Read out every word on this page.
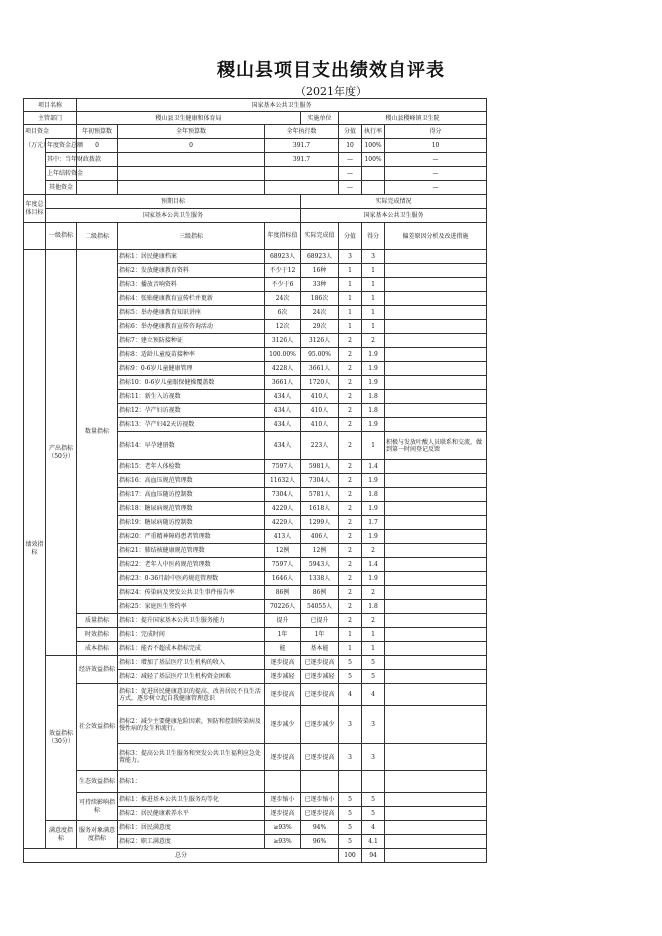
稷山县项目支出绩效自评表
（2021年度）
项目名称		国家基本公共卫生服务						
主管部门		稷山县卫生健康和体育局			实施单位	稷山县稷峰镇卫生院		
项目资金		年初预算数	全年预算数	全年执行数		分值	执行率	得分
（万元）	年度资金总额	0	0	391.7		10	100%	10
	其中：当年财政拨款			391.7		—	100%	—
	上年结转资金					—		—
	其他资金					—		—
年度总体目标	预期目标				实际完成情况			
	国家基本公共卫生服务				国家基本公共卫生服务			
	一级指标	二级指标	三级指标	年度指标值	实际完成值	分值	得分	偏差原因分析及改进措施
绩效指标	产出指标（50分）	数量指标	指标1：居民健康档案	68923人	68923人	3	3	
			指标2：发放健康教育资料	不少于12	16种	1	1	
			指标3：播放音响资料	不少于6	33种	1	1	
			指标4：张贴健康教育宣传栏并更新	24次	186次	1	1	
			指标5：举办健康教育知识讲座	6次	24次	1	1	
			指标6：举办健康教育宣传咨询活动	12次	29次	1	1	
			指标7：建立预防接种证	3126人	3126人	2	2	
			指标8：适龄儿童疫苗接种率	100.00%	95.00%	2	1.9	
			指标9：0-6岁儿童健康管理	4228人	3661人	2	1.9	
			指标10：0-6岁儿童眼保健操覆盖数	3661人	1720人	2	1.9	
			指标11：新生入访视数	434人	410人	2	1.8	
			指标12：孕产妇访视数	434人	410人	2	1.8	
			指标13：孕产妇42天访视数	434人	410人	2	1.9	
			指标14：早孕建册数	434人	223人	2	1	积极与发放叶酸人员联系和交流，做到第一时间登记反馈
			指标15：老年人体检数	7597人	5981人	2	1.4	
			指标16：高血压规范管理数	11632人	7304人	2	1.9	
			指标17：高血压随访控制数	7304人	5781人	2	1.8	
			指标18：糖尿病规范管理数	4229人	1618人	2	1.9	
			指标19：糖尿病随访控制数	4229人	1299人	2	1.7	
			指标20：严重精神障碍患者管理数	413人	406人	2	1.9	
			指标21：肺结核健康规范管理数	12例	12例	2	2	
			指标22：老年人中医药规范管理数	7597人	5943人	2	1.4	
			指标23：0-36月龄中医药规范管理数	1646人	1338人	2	1.9	
			指标24：传染病及突发公共卫生事件报告率	86例	86例	2	2	
			指标25：家庭医生签约率	70226人	54055人	2	1.8	
		质量指标	指标1：提升国家基本公共卫生服务能力	提升	已提升	2	2	
		时效指标	指标1：完成时间	1年	1年	1	1	
		成本指标	指标1：能否不超成本指标完成	能	基本能	1	1	
	效益指标（30分）	经济效益指标	指标1：增加了基层医疗卫生机构的收入	逐步提高	已逐步提高	5	5	
			指标2：减轻了基层医疗卫生机构资金困难	逐步减轻	已逐步减轻	5	5	
		社会效益指标	指标1：促进居民健康意识的提高、改善居民不良生活方式，逐步树立起自我健康管理意识	逐步提高	已逐步提高	4	4	
			指标2：减少主要健康危险因素，预防和控制传染病及慢性病的发生和流行。	逐步减少	已逐步减少	3	3	
			指标3：提高公共卫生服务和突发公共卫生福利应急处置能力。	逐步提高	已逐步提高	3	3	
		生态效益指标	指标1：					
		可持续影响指标	指标1：推进基本公共卫生服务均等化	逐步缩小	已逐步缩小	5	5	
			指标2：居民健康素养水平	逐步提高	已逐步提高	5	5	
	满意度指标	服务对象满意度指标	指标1：居民满意度	≥93%	94%	5	4	
			指标2：职工满意度	≥93%	96%	5	4.1	
总分						100	94	
